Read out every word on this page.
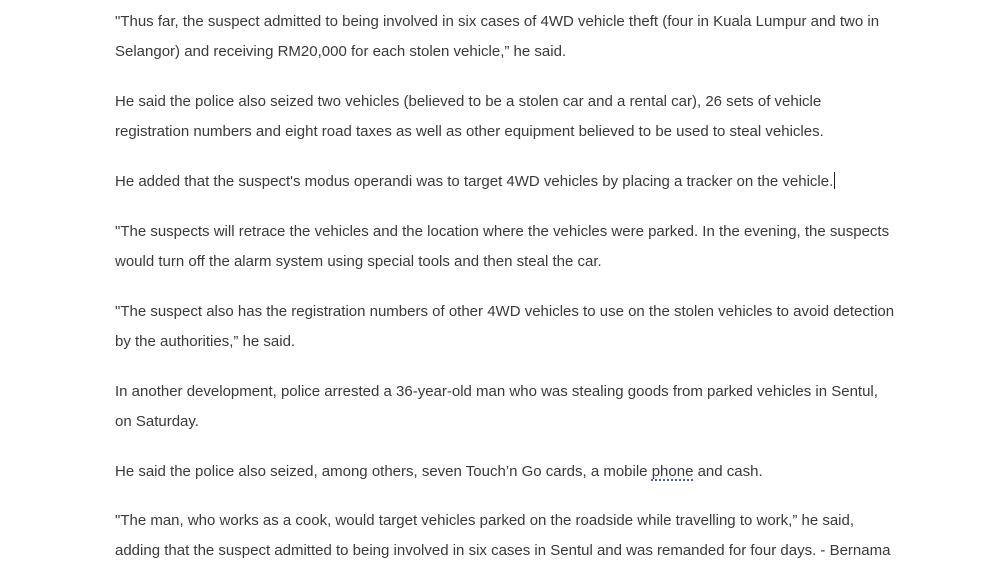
"Thus far, the suspect admitted to being involved in six cases of 4WD vehicle theft (four in Kuala Lumpur and two in
Selangor) and receiving RM20,000 for each stolen vehicle,” he said.

He said the police also seized two vehicles (believed to be a stolen car and a rental car), 26 sets of vehicle
registration numbers and eight road taxes as well as other equipment believed to be used to steal vehicles.

He added that the suspect's modus operandi was to target 4WD vehicles by placing a tracker on the vehicle.

"The suspects will retrace the vehicles and the location where the vehicles were parked. In the evening, the suspects
would turn off the alarm system using special tools and then steal the car.

"The suspect also has the registration numbers of other 4WD vehicles to use on the stolen vehicles to avoid detection
by the authorities,” he said.

In another development, police arrested a 36-year-old man who was stealing goods from parked vehicles in Sentul,
on Saturday.

He said the police also seized, among others, seven Touch’n Go cards, a mobile phone and cash.

"The man, who works as a cook, would target vehicles parked on the roadside while travelling to work,” he said,
adding that the suspect admitted to being involved in six cases in Sentul and was remanded for four days. - Bernama
